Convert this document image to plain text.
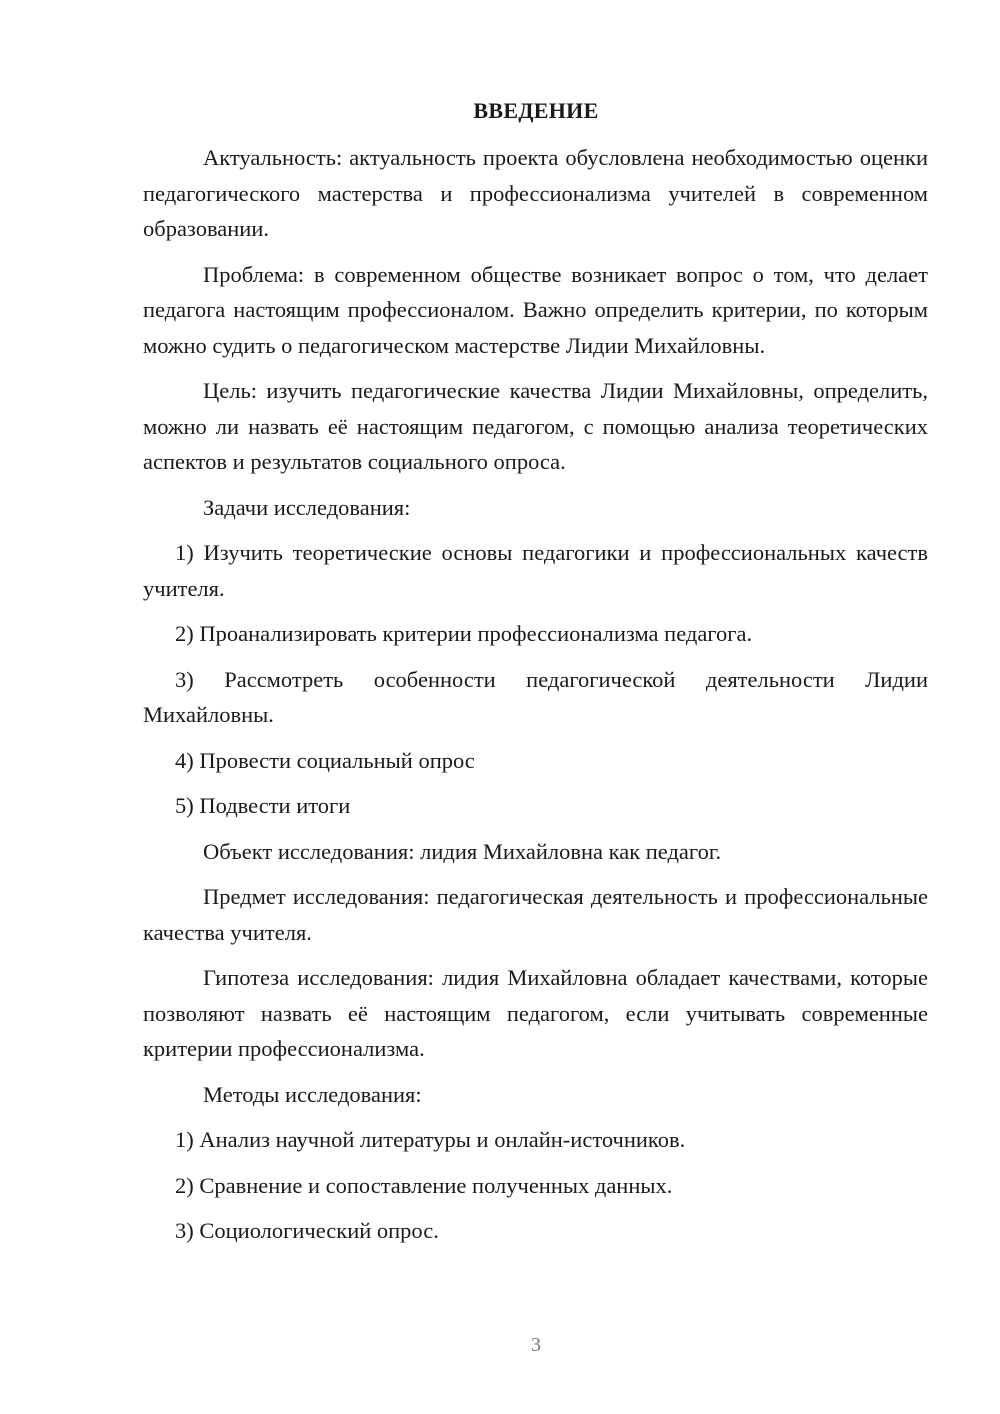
ВВЕДЕНИЕ

Актуальность: актуальность проекта обусловлена необходимостью оценки педагогического мастерства и профессионализма учителей в современном образовании.

Проблема: в современном обществе возникает вопрос о том, что делает педагога настоящим профессионалом. Важно определить критерии, по которым можно судить о педагогическом мастерстве Лидии Михайловны.

Цель: изучить педагогические качества Лидии Михайловны, определить, можно ли назвать её настоящим педагогом, с помощью анализа теоретических аспектов и результатов социального опроса.

Задачи исследования:

1) Изучить теоретические основы педагогики и профессиональных качеств учителя.

2) Проанализировать критерии профессионализма педагога.

3) Рассмотреть особенности педагогической деятельности Лидии Михайловны.

4) Провести социальный опрос

5) Подвести итоги

Объект исследования: лидия Михайловна как педагог.

Предмет исследования: педагогическая деятельность и профессиональные качества учителя.

Гипотеза исследования: лидия Михайловна обладает качествами, которые позволяют назвать её настоящим педагогом, если учитывать современные критерии профессионализма.

Методы исследования:

1) Анализ научной литературы и онлайн-источников.

2) Сравнение и сопоставление полученных данных.

3) Социологический опрос.

3
